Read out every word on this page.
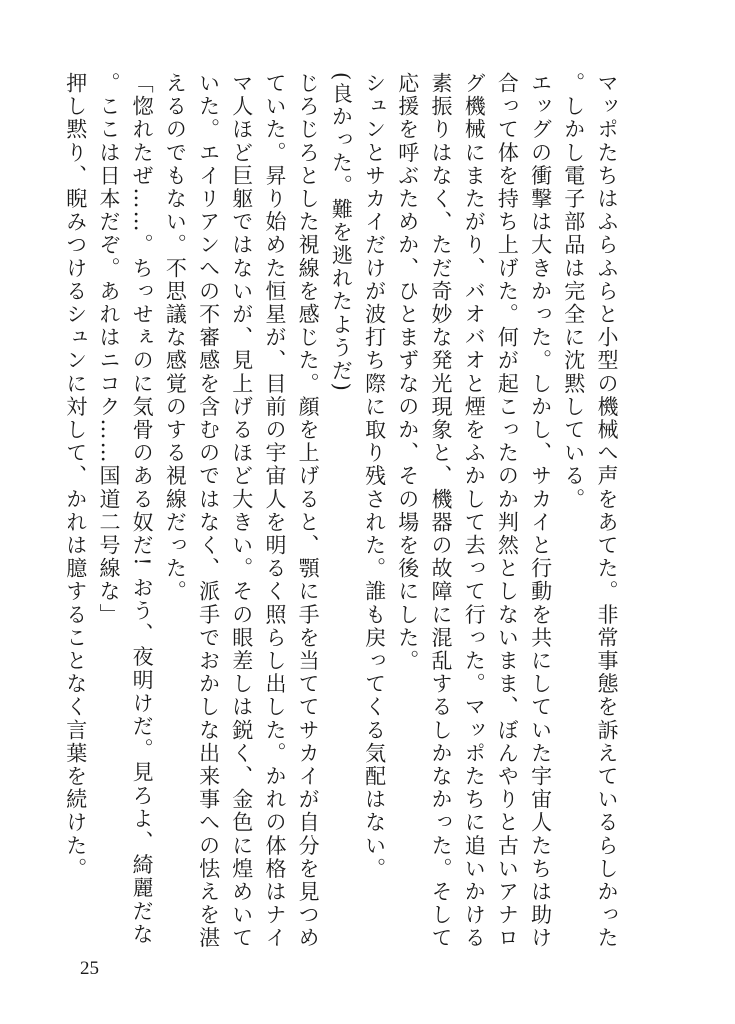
マッポたちはふらふらと小型の機械へ声をあてた。非常事態を訴えているらしかった。しかし電子部品は完全に沈黙している。

エッグの衝撃は大きかった。しかし、サカイと行動を共にしていた宇宙人たちは助け合って体を持ち上げた。何が起こったのか判然としないまま、ぼんやりと古いアナログ機械にまたがり、バオバオと煙をふかして去って行った。マッポたちに追いかける素振りはなく、ただ奇妙な発光現象と、機器の故障に混乱するしかなかった。そして応援を呼ぶためか、ひとまずなのか、その場を後にした。

シュンとサカイだけが波打ち際に取り残された。誰も戻ってくる気配はない。

(良かった。難を逃れたようだ)

じろじろとした視線を感じた。顔を上げると、顎に手を当ててサカイが自分を見つめていた。昇り始めた恒星が、目前の宇宙人を明るく照らし出した。かれの体格はナイマ人ほど巨躯ではないが、見上げるほど大きい。その眼差しは鋭く、金色に煌めいていた。エイリアンへの不審感を含むのではなく、派手でおかしな出来事への怯えを湛えるのでもない。不思議な感覚のする視線だった。

「惚れたぜ……。ちっせぇのに気骨のある奴だ! おう、夜明けだ。見ろよ、綺麗だな。ここは日本だぞ。あれはニコク……国道二号線な」

押し黙り、睨みつけるシュンに対して、かれは臆することなく言葉を続けた。

25
